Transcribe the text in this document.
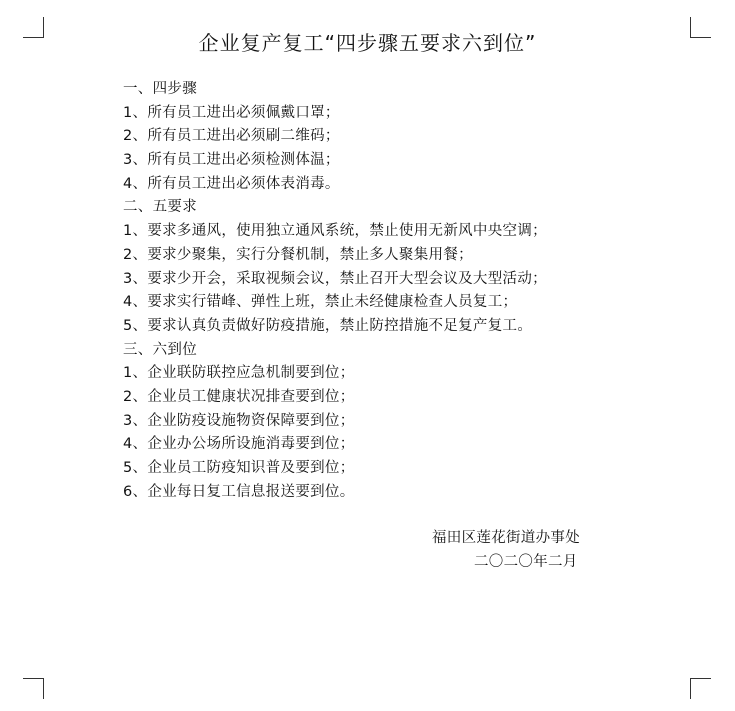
企业复产复工“四步骤五要求六到位”
一、四步骤
1、所有员工进出必须佩戴口罩；
2、所有员工进出必须刷二维码；
3、所有员工进出必须检测体温；
4、所有员工进出必须体表消毒。
二、五要求
1、要求多通风，使用独立通风系统，禁止使用无新风中央空调；
2、要求少聚集，实行分餐机制，禁止多人聚集用餐；
3、要求少开会，采取视频会议，禁止召开大型会议及大型活动；
4、要求实行错峰、弹性上班，禁止未经健康检查人员复工；
5、要求认真负责做好防疫措施，禁止防控措施不足复产复工。
三、六到位
1、企业联防联控应急机制要到位；
2、企业员工健康状况排查要到位；
3、企业防疫设施物资保障要到位；
4、企业办公场所设施消毒要到位；
5、企业员工防疫知识普及要到位；
6、企业每日复工信息报送要到位。
福田区莲花街道办事处
二〇二〇年二月
